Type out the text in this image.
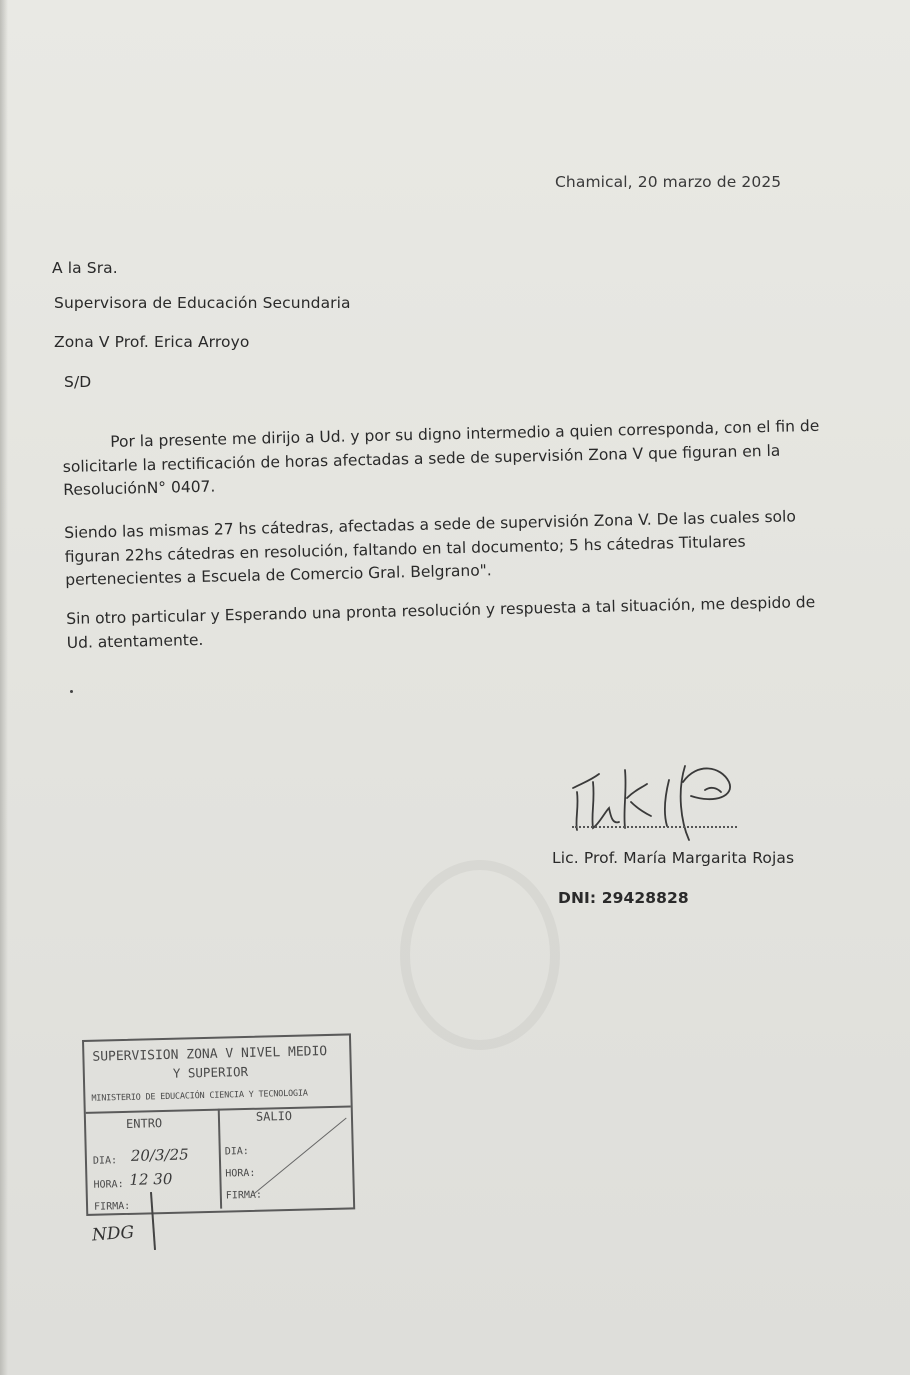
Chamical, 20 marzo de 2025
A la Sra.
Supervisora de Educación Secundaria
Zona V Prof. Erica Arroyo
S/D
Por la presente me dirijo a Ud. y por su digno intermedio a quien corresponda, con el fin de
solicitarle la rectificación de horas afectadas a sede de supervisión Zona V que figuran en la
ResoluciónN° 0407.
Siendo las mismas 27 hs cátedras, afectadas a sede de supervisión Zona V. De las cuales solo
figuran 22hs cátedras en resolución, faltando en tal documento; 5 hs cátedras Titulares
pertenecientes a Escuela de Comercio Gral. Belgrano".
Sin otro particular y Esperando una pronta resolución y respuesta a tal situación, me despido de
Ud. atentamente.
Lic. Prof. María Margarita Rojas
DNI: 29428828
SUPERVISION ZONA V NIVEL MEDIO
Y SUPERIOR
MINISTERIO DE EDUCACIÓN CIENCIA Y TECNOLOGIA
ENTRO	SALIO
DIA:
HORA:
FIRMA:
DIA:
HORA:
FIRMA:
20/3/25
12 30
NDG
